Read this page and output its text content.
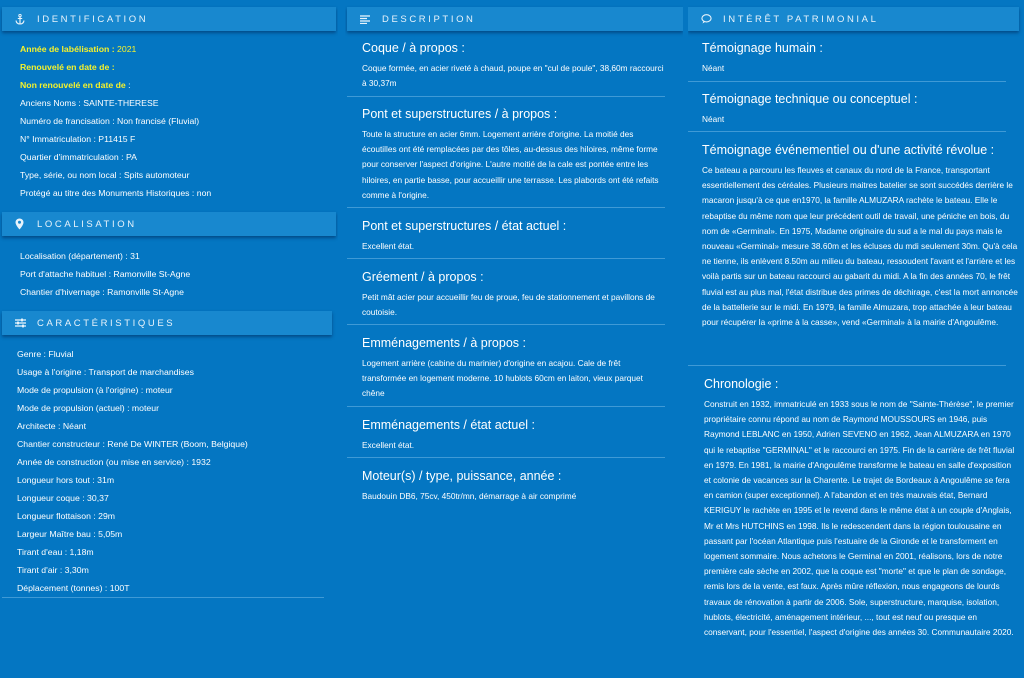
IDENTIFICATION
Année de labélisation : 2021
Renouvelé en date de :
Non renouvelé en date de :
Anciens Noms : SAINTE-THERESE
Numéro de francisation : Non francisé (Fluvial)
N° Immatriculation : P11415 F
Quartier d'immatriculation : PA
Type, série, ou nom local : Spits automoteur
Protégé au titre des Monuments Historiques : non
LOCALISATION
Localisation (département) : 31
Port d'attache habituel : Ramonville St-Agne
Chantier d'hivernage : Ramonville St-Agne
CARACTÉRISTIQUES
Genre : Fluvial
Usage à l'origine : Transport de marchandises
Mode de propulsion (à l'origine) : moteur
Mode de propulsion (actuel) : moteur
Architecte : Néant
Chantier constructeur : René De WINTER (Boom, Belgique)
Année de construction (ou mise en service) : 1932
Longueur hors tout : 31m
Longueur coque : 30,37
Longueur flottaison : 29m
Largeur Maître bau : 5,05m
Tirant d'eau : 1,18m
Tirant d'air : 3,30m
Déplacement (tonnes) : 100T
DESCRIPTION
Coque / à propos :
Coque formée, en acier riveté à chaud, poupe en "cul de poule", 38,60m raccourci à 30,37m
Pont et superstructures / à propos :
Toute la structure en acier 6mm. Logement arrière d'origine. La moitié des écoutilles ont été remplacées par des tôles, au-dessus des hiloires, même forme pour conserver l'aspect d'origine. L'autre moitié de la cale est pontée entre les hiloires, en partie basse, pour accueillir une terrasse. Les plabords ont été refaits comme à l'origine.
Pont et superstructures / état actuel :
Excellent état.
Gréement / à propos :
Petit mât acier pour accueillir feu de proue, feu de stationnement et pavillons de coutoisie.
Emménagements / à propos :
Logement arrière (cabine du marinier) d'origine en acajou. Cale de frêt transformée en logement moderne. 10 hublots 60cm en laiton, vieux parquet chêne
Emménagements / état actuel :
Excellent état.
Moteur(s) / type, puissance, année :
Baudouin DB6, 75cv, 450tr/mn, démarrage à air comprimé
INTÉRÊT PATRIMONIAL
Témoignage humain :
Néant
Témoignage technique ou conceptuel :
Néant
Témoignage événementiel ou d'une activité révolue :
Ce bateau a parcouru les fleuves et canaux du nord de la France, transportant essentiellement des céréales. Plusieurs maitres batelier se sont succédés derrière le macaron jusqu'à ce que en1970, la famille ALMUZARA rachète le bateau. Elle le rebaptise du même nom que leur précédent outil de travail, une péniche en bois, du nom de «Germinal». En 1975, Madame originaire du sud a le mal du pays mais le nouveau «Germinal» mesure 38.60m et les écluses du mdi seulement 30m. Qu'à cela ne tienne, ils enlèvent 8.50m au milieu du bateau, ressoudent l'avant et l'arrière et les voilà partis sur un bateau raccourci au gabarit du midi. A la fin des années 70, le frêt fluvial est au plus mal, l'état distribue des primes de déchirage, c'est la mort annoncée de la battellerie sur le midi. En 1979, la famille Almuzara, trop attachée à leur bateau pour récupérer la «prime à la casse», vend «Germinal» à la mairie d'Angoulême.
Chronologie :
Construit en 1932, immatriculé en 1933 sous le nom de "Sainte-Thérèse", le premier propriétaire connu répond au nom de Raymond MOUSSOURS en 1946, puis Raymond LEBLANC en 1950, Adrien SEVENO en 1962, Jean ALMUZARA en 1970 qui le rebaptise "GERMINAL" et le raccourci en 1975. Fin de la carrière de frêt fluvial en 1979. En 1981, la mairie d'Angoulême transforme le bateau en salle d'exposition et colonie de vacances sur la Charente. Le trajet de Bordeaux à Angoulême se fera en camion (super exceptionnel). A l'abandon et en très mauvais état, Bernard KERIGUY le rachète en 1995 et le revend dans le même état à un couple d'Anglais, Mr et Mrs HUTCHINS en 1998. Ils le redescendent dans la région toulousaine en passant par l'océan Atlantique puis l'estuaire de la Gironde et le transforment en logement sommaire. Nous achetons le Germinal en 2001, réalisons, lors de notre première cale sèche en 2002, que la coque est "morte" et que le plan de sondage, remis lors de la vente, est faux. Après mûre réflexion, nous engageons de lourds travaux de rénovation à partir de 2006. Sole, superstructure, marquise, isolation, hublots, électricité, aménagement intérieur, ..., tout est neuf ou presque en conservant, pour l'essentiel, l'aspect d'origine des années 30. Communautaire 2020.
